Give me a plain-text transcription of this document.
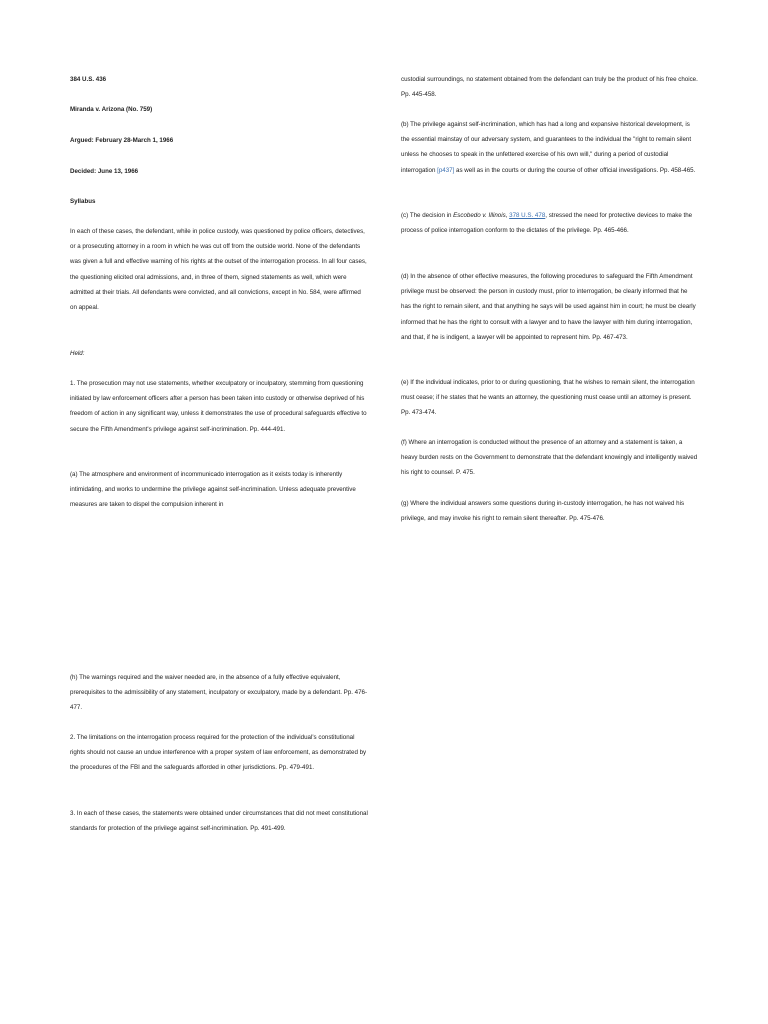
384 U.S. 436

Miranda v. Arizona (No. 759)

Argued: February 28-March 1, 1966

Decided: June 13, 1966

Syllabus

In each of these cases, the defendant, while in police custody, was questioned by police officers, detectives, or a prosecuting attorney in a room in which he was cut off from the outside world. None of the defendants was given a full and effective warning of his rights at the outset of the interrogation process. In all four cases, the questioning elicited oral admissions, and, in three of them, signed statements as well, which were admitted at their trials. All defendants were convicted, and all convictions, except in No. 584, were affirmed on appeal.

Held:

1. The prosecution may not use statements, whether exculpatory or inculpatory, stemming from questioning initiated by law enforcement officers after a person has been taken into custody or otherwise deprived of his freedom of action in any significant way, unless it demonstrates the use of procedural safeguards effective to secure the Fifth Amendment's privilege against self-incrimination. Pp. 444-491.

(a) The atmosphere and environment of incommunicado interrogation as it exists today is inherently intimidating, and works to undermine the privilege against self-incrimination. Unless adequate preventive measures are taken to dispel the compulsion inherent in

custodial surroundings, no statement obtained from the defendant can truly be the product of his free choice. Pp. 445-458.

(b) The privilege against self-incrimination, which has had a long and expansive historical development, is the essential mainstay of our adversary system, and guarantees to the individual the "right to remain silent unless he chooses to speak in the unfettered exercise of his own will," during a period of custodial interrogation [p437] as well as in the courts or during the course of other official investigations. Pp. 458-465.

(c) The decision in Escobedo v. Illinois, 378 U.S. 478, stressed the need for protective devices to make the process of police interrogation conform to the dictates of the privilege. Pp. 465-466.

(d) In the absence of other effective measures, the following procedures to safeguard the Fifth Amendment privilege must be observed: the person in custody must, prior to interrogation, be clearly informed that he has the right to remain silent, and that anything he says will be used against him in court; he must be clearly informed that he has the right to consult with a lawyer and to have the lawyer with him during interrogation, and that, if he is indigent, a lawyer will be appointed to represent him. Pp. 467-473.

(e) If the individual indicates, prior to or during questioning, that he wishes to remain silent, the interrogation must cease; if he states that he wants an attorney, the questioning must cease until an attorney is present. Pp. 473-474.

(f) Where an interrogation is conducted without the presence of an attorney and a statement is taken, a heavy burden rests on the Government to demonstrate that the defendant knowingly and intelligently waived his right to counsel. P. 475.

(g) Where the individual answers some questions during in-custody interrogation, he has not waived his privilege, and may invoke his right to remain silent thereafter. Pp. 475-476.

(h) The warnings required and the waiver needed are, in the absence of a fully effective equivalent, prerequisites to the admissibility of any statement, inculpatory or exculpatory, made by a defendant. Pp. 476-477.

2. The limitations on the interrogation process required for the protection of the individual's constitutional rights should not cause an undue interference with a proper system of law enforcement, as demonstrated by the procedures of the FBI and the safeguards afforded in other jurisdictions. Pp. 479-491.

3. In each of these cases, the statements were obtained under circumstances that did not meet constitutional standards for protection of the privilege against self-incrimination. Pp. 491-499.
